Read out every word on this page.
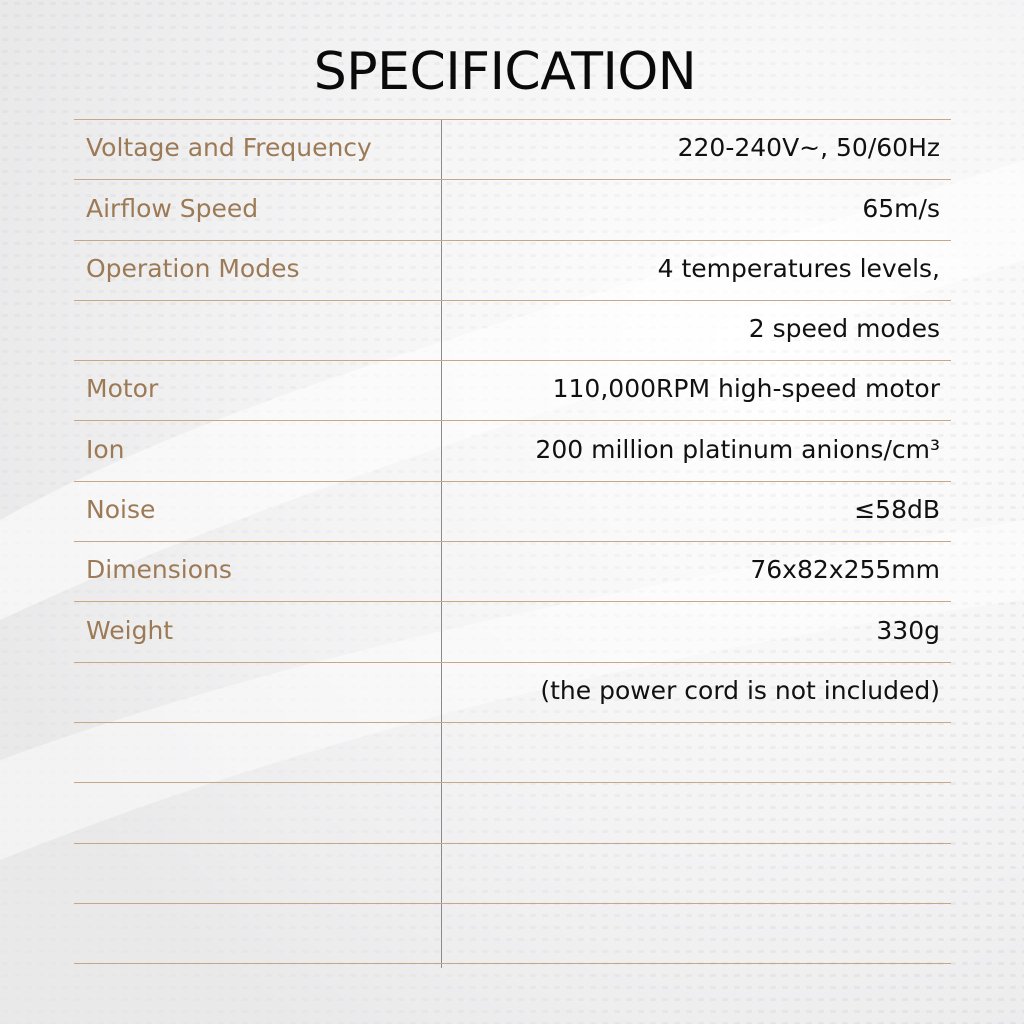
SPECIFICATION
Voltage and Frequency	220-240V~, 50/60Hz
Airflow Speed	65m/s
Operation Modes	4 temperatures levels,
2 speed modes
Motor	110,000RPM high-speed motor
Ion	200 million platinum anions/cm³
Noise	≤58dB
Dimensions	76x82x255mm
Weight	330g
(the power cord is not included)
